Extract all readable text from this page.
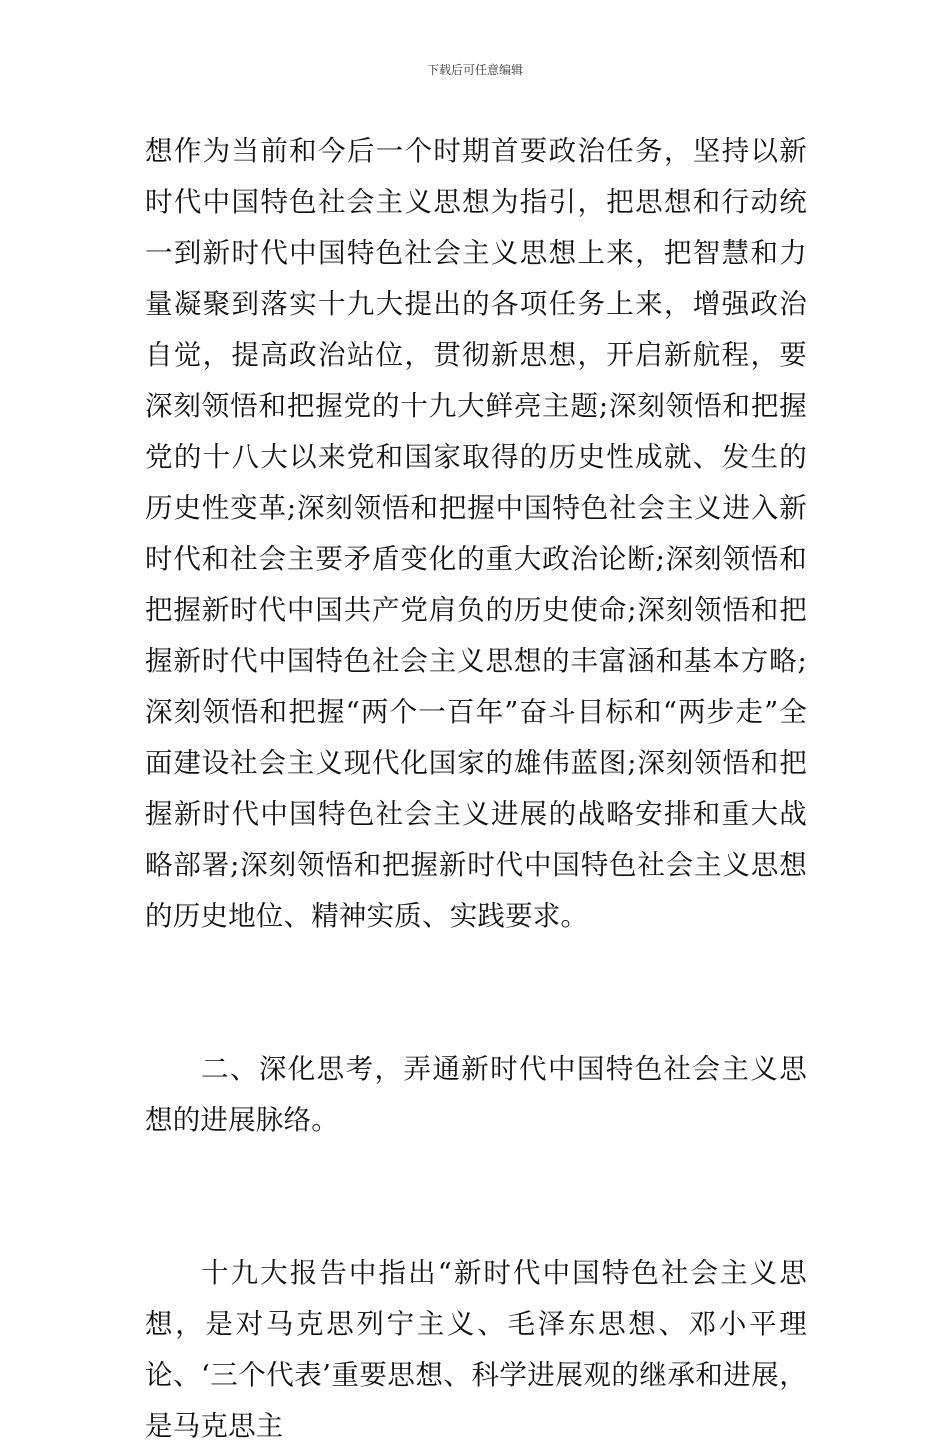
下载后可任意编辑

想作为当前和今后一个时期首要政治任务，坚持以新时代中国特色社会主义思想为指引，把思想和行动统一到新时代中国特色社会主义思想上来，把智慧和力量凝聚到落实十九大提出的各项任务上来，增强政治自觉，提高政治站位，贯彻新思想，开启新航程，要深刻领悟和把握党的十九大鲜亮主题;深刻领悟和把握党的十八大以来党和国家取得的历史性成就、发生的历史性变革;深刻领悟和把握中国特色社会主义进入新时代和社会主要矛盾变化的重大政治论断;深刻领悟和把握新时代中国共产党肩负的历史使命;深刻领悟和把握新时代中国特色社会主义思想的丰富涵和基本方略;深刻领悟和把握“两个一百年”奋斗目标和“两步走”全面建设社会主义现代化国家的雄伟蓝图;深刻领悟和把握新时代中国特色社会主义进展的战略安排和重大战略部署;深刻领悟和把握新时代中国特色社会主义思想的历史地位、精神实质、实践要求。

二、深化思考，弄通新时代中国特色社会主义思想的进展脉络。

十九大报告中指出“新时代中国特色社会主义思想，是对马克思列宁主义、毛泽东思想、邓小平理论、‘三个代表’重要思想、科学进展观的继承和进展，是马克思主
